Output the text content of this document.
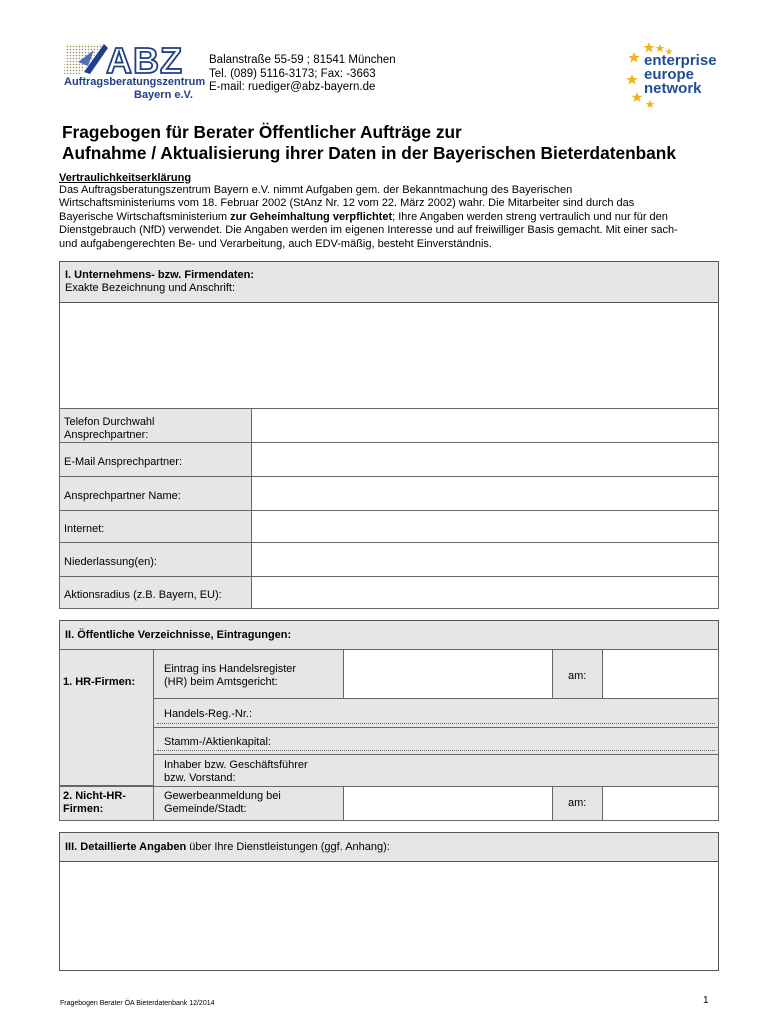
ABZ
Auftragsberatungszentrum
Bayern e.V.
Balanstraße 55-59 ; 81541 München
Tel. (089) 5116-3173; Fax: -3663
E-mail: ruediger@abz-bayern.de
enterprise
europe
network
Fragebogen für Berater Öffentlicher Aufträge zur
Aufnahme / Aktualisierung ihrer Daten in der Bayerischen Bieterdatenbank
Vertraulichkeitserklärung
Das Auftragsberatungszentrum Bayern e.V. nimmt Aufgaben gem. der Bekanntmachung des Bayerischen
Wirtschaftsministeriums vom 18. Februar 2002 (StAnz Nr. 12 vom 22. März 2002) wahr. Die Mitarbeiter sind durch das
Bayerische Wirtschaftsministerium zur Geheimhaltung verpflichtet; Ihre Angaben werden streng vertraulich und nur für den
Dienstgebrauch (NfD) verwendet. Die Angaben werden im eigenen Interesse und auf freiwilliger Basis gemacht. Mit einer sach-
und aufgabengerechten Be- und Verarbeitung, auch EDV-mäßig, besteht Einverständnis.
I. Unternehmens- bzw. Firmendaten:
Exakte Bezeichnung und Anschrift:
Telefon Durchwahl
Ansprechpartner:
E-Mail Ansprechpartner:
Ansprechpartner Name:
Internet:
Niederlassung(en):
Aktionsradius (z.B. Bayern, EU):
II. Öffentliche Verzeichnisse, Eintragungen:
1. HR-Firmen:
Eintrag ins Handelsregister
(HR) beim Amtsgericht:	am:
Handels-Reg.-Nr.:
Stamm-/Aktienkapital:
Inhaber bzw. Geschäftsführer
bzw. Vorstand:
2. Nicht-HR-
Firmen:
Gewerbeanmeldung bei
Gemeinde/Stadt:	am:
III. Detaillierte Angaben über Ihre Dienstleistungen (ggf. Anhang):
Fragebogen Berater ÖA Bieterdatenbank 12/2014	1
